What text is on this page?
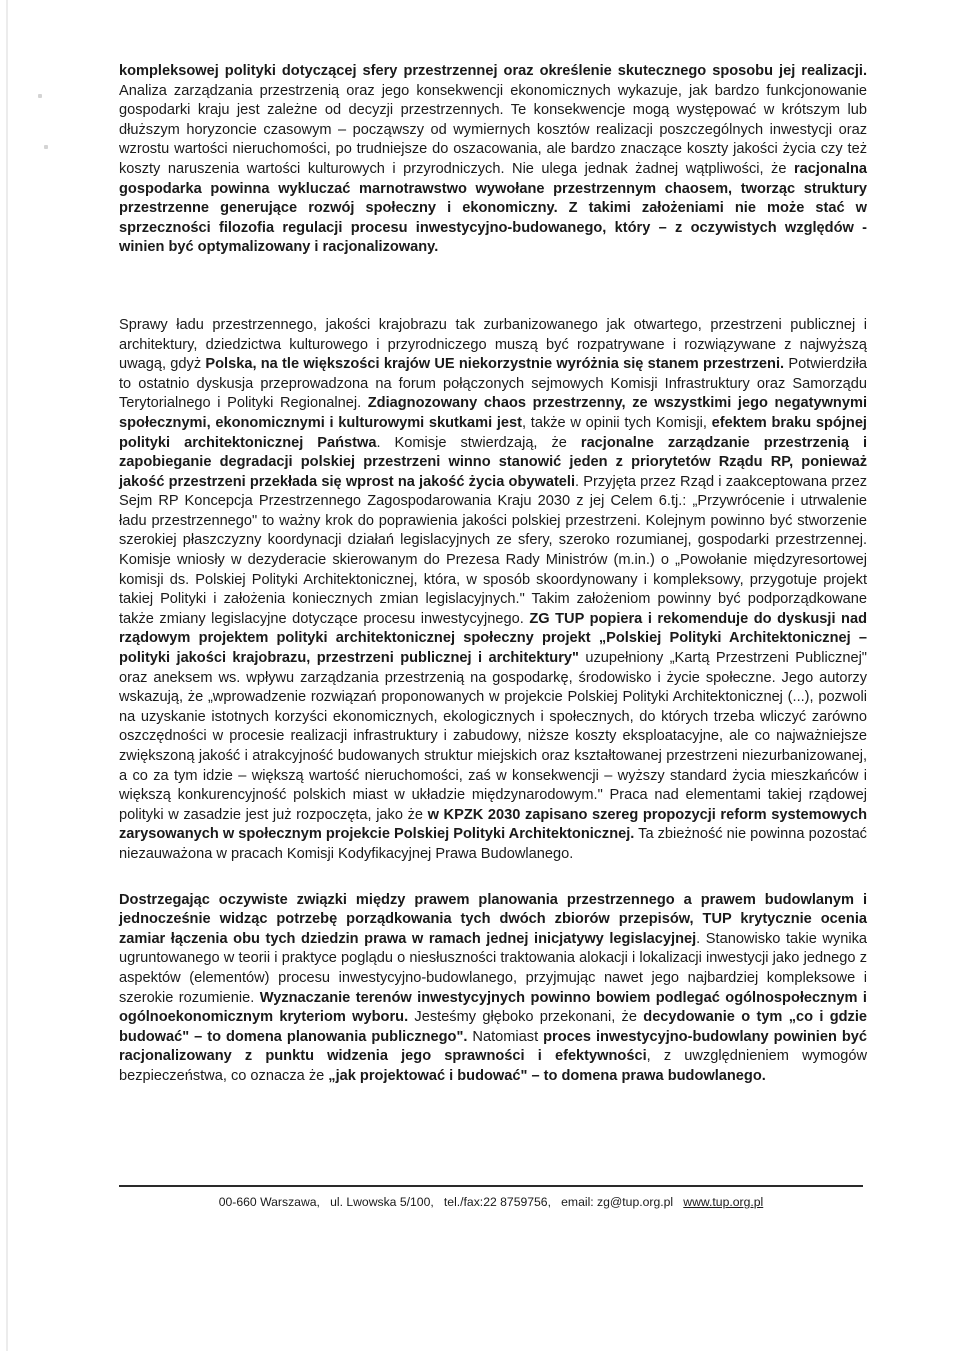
kompleksowej polityki dotyczącej sfery przestrzennej oraz określenie skutecznego sposobu jej realizacji. Analiza zarządzania przestrzenią oraz jego konsekwencji ekonomicznych wykazuje, jak bardzo funkcjonowanie gospodarki kraju jest zależne od decyzji przestrzennych. Te konsekwencje mogą występować w krótszym lub dłuższym horyzoncie czasowym – począwszy od wymiernych kosztów realizacji poszczególnych inwestycji oraz wzrostu wartości nieruchomości, po trudniejsze do oszacowania, ale bardzo znaczące koszty jakości życia czy też koszty naruszenia wartości kulturowych i przyrodniczych. Nie ulega jednak żadnej wątpliwości, że racjonalna gospodarka powinna wykluczać marnotrawstwo wywołane przestrzennym chaosem, tworząc struktury przestrzenne generujące rozwój społeczny i ekonomiczny. Z takimi założeniami nie może stać w sprzeczności filozofia regulacji procesu inwestycyjno-budowanego, który – z oczywistych względów - winien być optymalizowany i racjonalizowany.

Sprawy ładu przestrzennego, jakości krajobrazu tak zurbanizowanego jak otwartego, przestrzeni publicznej i architektury, dziedzictwa kulturowego i przyrodniczego muszą być rozpatrywane i rozwiązywane z najwyższą uwagą, gdyż Polska, na tle większości krajów UE niekorzystnie wyróżnia się stanem przestrzeni. Potwierdziła to ostatnio dyskusja przeprowadzona na forum połączonych sejmowych Komisji Infrastruktury oraz Samorządu Terytorialnego i Polityki Regionalnej. Zdiagnozowany chaos przestrzenny, ze wszystkimi jego negatywnymi społecznymi, ekonomicznymi i kulturowymi skutkami jest, także w opinii tych Komisji, efektem braku spójnej polityki architektonicznej Państwa. Komisje stwierdzają, że racjonalne zarządzanie przestrzenią i zapobieganie degradacji polskiej przestrzeni winno stanowić jeden z priorytetów Rządu RP, ponieważ jakość przestrzeni przekłada się wprost na jakość życia obywateli. Przyjęta przez Rząd i zaakceptowana przez Sejm RP Koncepcja Przestrzennego Zagospodarowania Kraju 2030 z jej Celem 6.tj.: „Przywrócenie i utrwalenie ładu przestrzennego" to ważny krok do poprawienia jakości polskiej przestrzeni. Kolejnym powinno być stworzenie szerokiej płaszczyzny koordynacji działań legislacyjnych ze sfery, szeroko rozumianej, gospodarki przestrzennej. Komisje wniosły w dezyderacie skierowanym do Prezesa Rady Ministrów (m.in.) o „Powołanie międzyresortowej komisji ds. Polskiej Polityki Architektonicznej, która, w sposób skoordynowany i kompleksowy, przygotuje projekt takiej Polityki i założenia koniecznych zmian legislacyjnych." Takim założeniom powinny być podporządkowane także zmiany legislacyjne dotyczące procesu inwestycyjnego. ZG TUP popiera i rekomenduje do dyskusji nad rządowym projektem polityki architektonicznej społeczny projekt „Polskiej Polityki Architektonicznej – polityki jakości krajobrazu, przestrzeni publicznej i architektury" uzupełniony „Kartą Przestrzeni Publicznej" oraz aneksem ws. wpływu zarządzania przestrzenią na gospodarkę, środowisko i życie społeczne. Jego autorzy wskazują, że „wprowadzenie rozwiązań proponowanych w projekcie Polskiej Polityki Architektonicznej (...), pozwoli na uzyskanie istotnych korzyści ekonomicznych, ekologicznych i społecznych, do których trzeba wliczyć zarówno oszczędności w procesie realizacji infrastruktury i zabudowy, niższe koszty eksploatacyjne, ale co najważniejsze zwiększoną jakość i atrakcyjność budowanych struktur miejskich oraz kształtowanej przestrzeni niezurbanizowanej, a co za tym idzie – większą wartość nieruchomości, zaś w konsekwencji – wyższy standard życia mieszkańców i większą konkurencyjność polskich miast w układzie międzynarodowym." Praca nad elementami takiej rządowej polityki w zasadzie jest już rozpoczęta, jako że w KPZK 2030 zapisano szereg propozycji reform systemowych zarysowanych w społecznym projekcie Polskiej Polityki Architektonicznej. Ta zbieżność nie powinna pozostać niezauważona w pracach Komisji Kodyfikacyjnej Prawa Budowlanego.

Dostrzegając oczywiste związki między prawem planowania przestrzennego a prawem budowlanym i jednocześnie widząc potrzebę porządkowania tych dwóch zbiorów przepisów, TUP krytycznie ocenia zamiar łączenia obu tych dziedzin prawa w ramach jednej inicjatywy legislacyjnej. Stanowisko takie wynika ugruntowanego w teorii i praktyce poglądu o niesłuszności traktowania alokacji i lokalizacji inwestycji jako jednego z aspektów (elementów) procesu inwestycyjno-budowlanego, przyjmując nawet jego najbardziej kompleksowe i szerokie rozumienie. Wyznaczanie terenów inwestycyjnych powinno bowiem podlegać ogólnospołecznym i ogólnoekonomicznym kryteriom wyboru. Jesteśmy głęboko przekonani, że decydowanie o tym „co i gdzie budować" – to domena planowania publicznego". Natomiast proces inwestycyjno-budowlany powinien być racjonalizowany z punktu widzenia jego sprawności i efektywności, z uwzględnieniem wymogów bezpieczeństwa, co oznacza że „jak projektować i budować" – to domena prawa budowlanego.

00-660 Warszawa, ul. Lwowska 5/100, tel./fax:22 8759756, email: zg@tup.org.pl www.tup.org.pl
